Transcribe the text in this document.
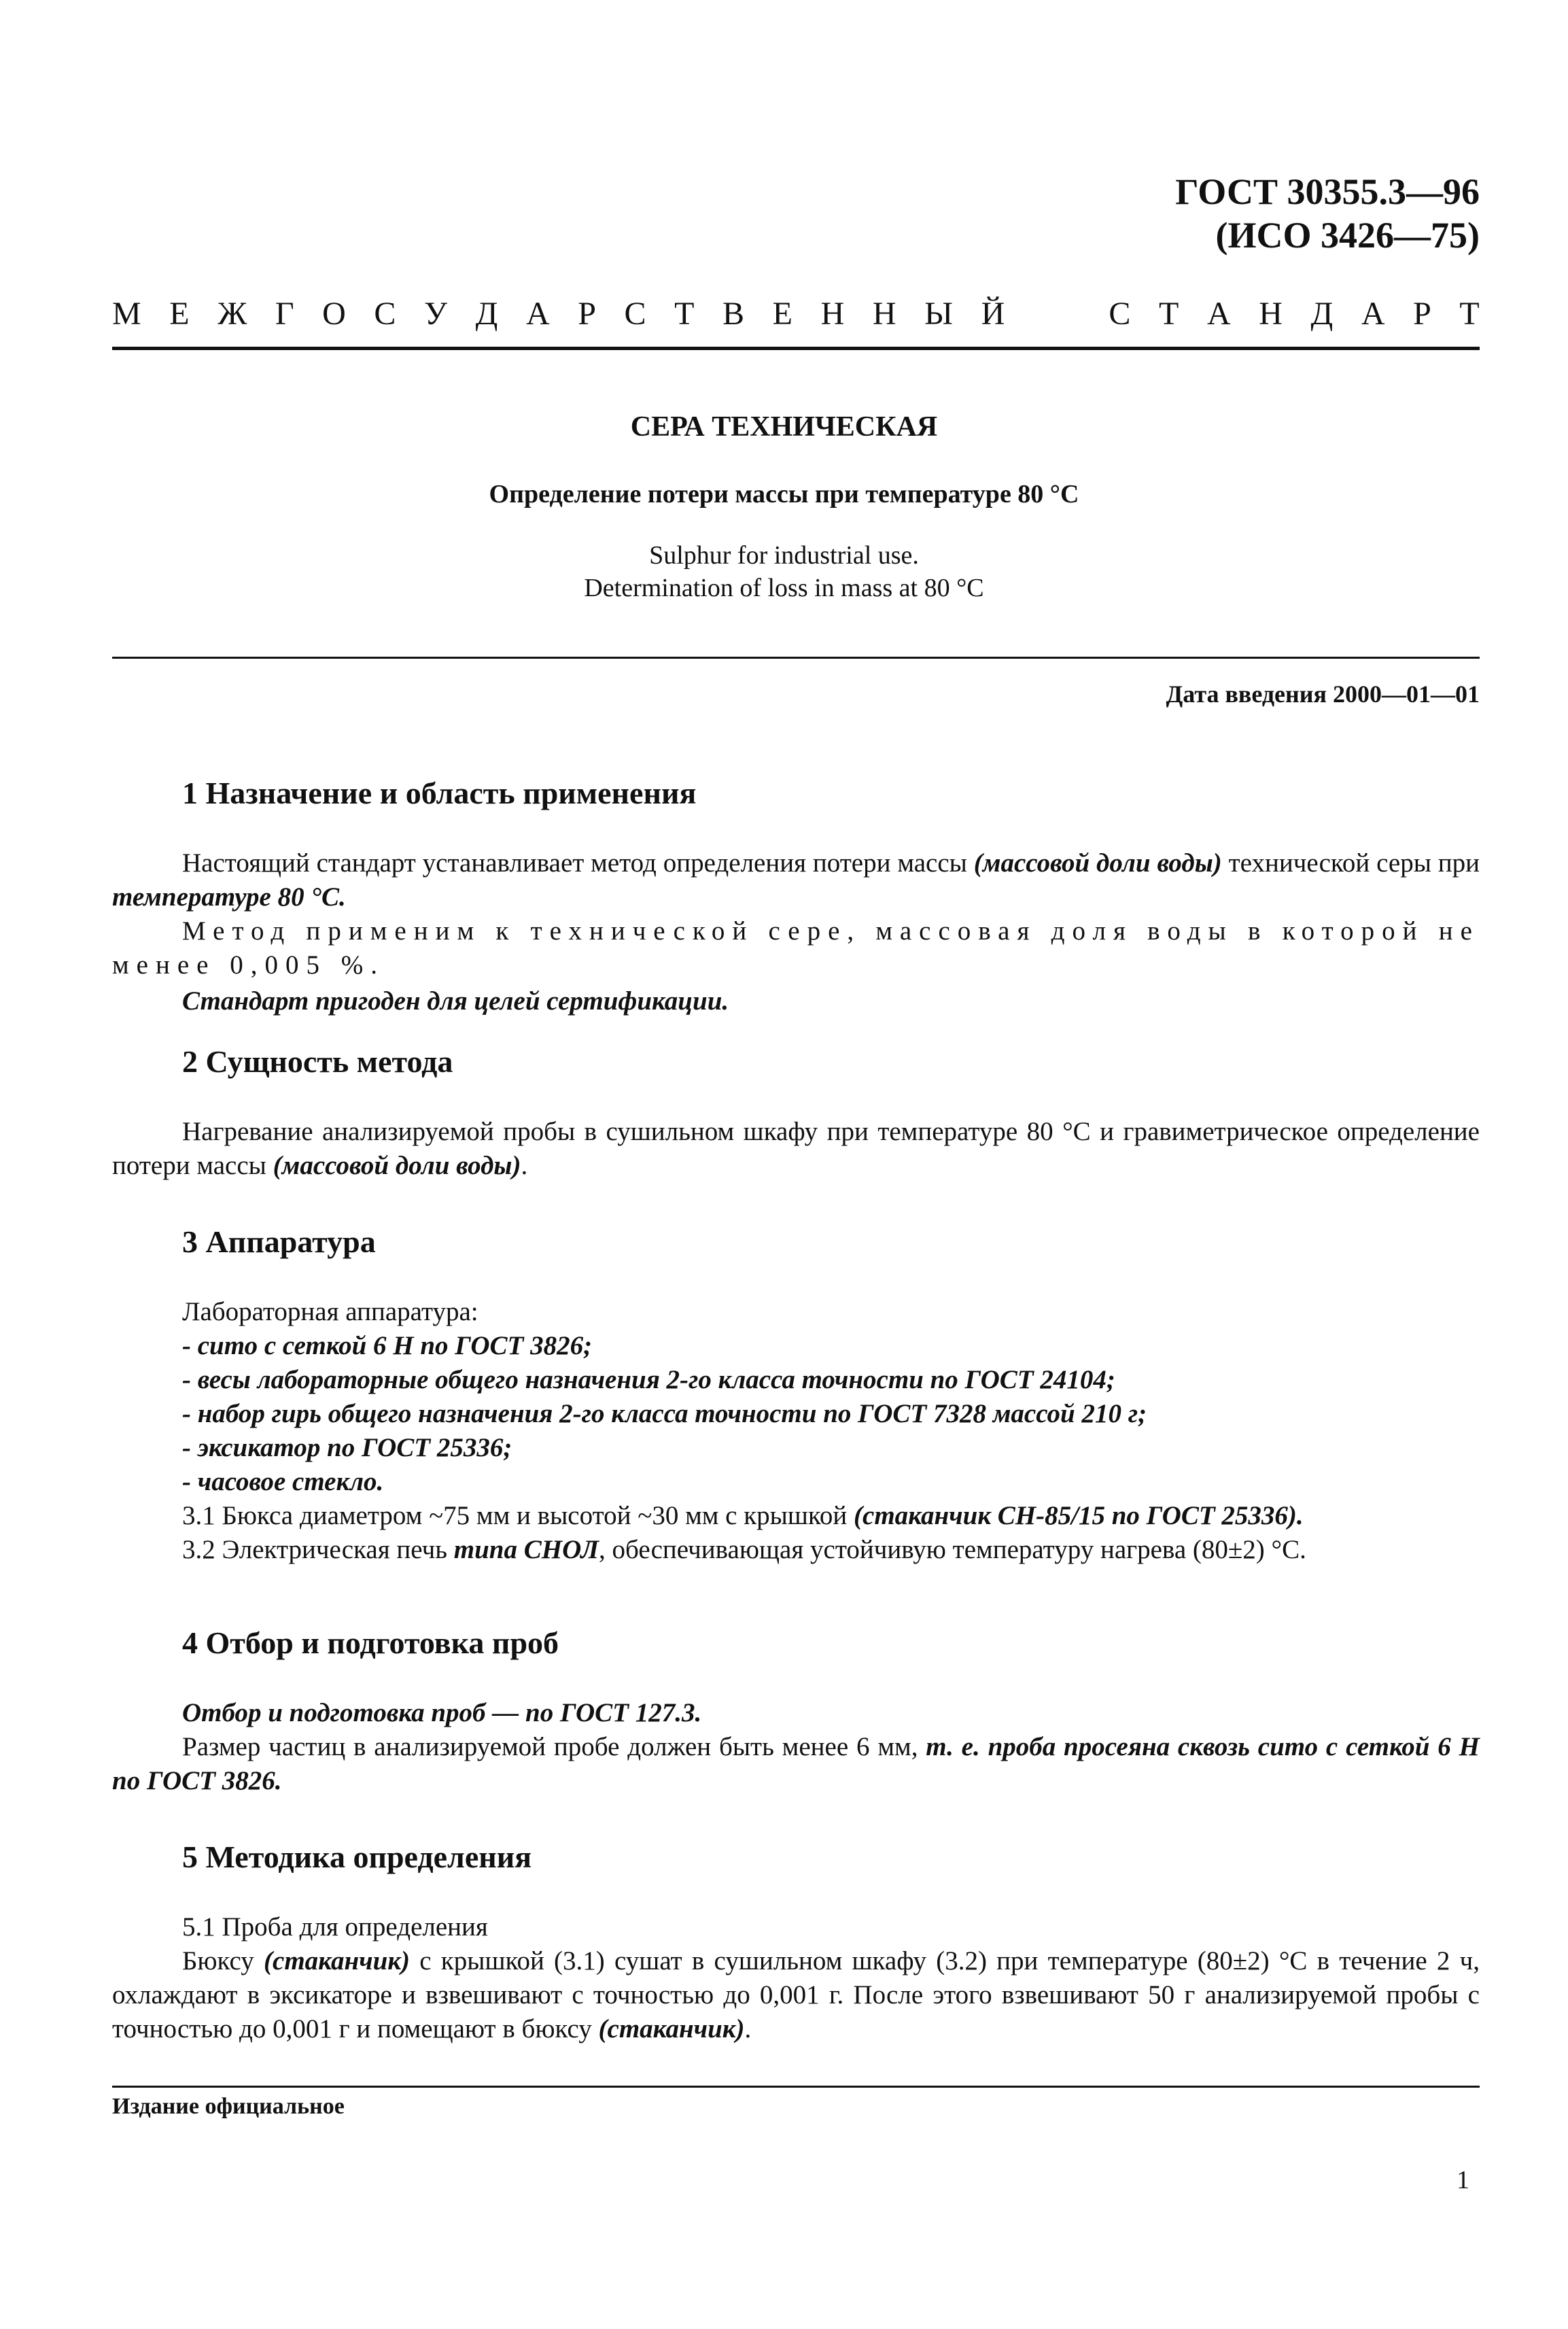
ГОСТ 30355.3—96
(ИСО 3426—75)
М Е Ж Г О С У Д А Р С Т В Е Н Н Ы Й	С Т А Н Д А Р Т
СЕРА ТЕХНИЧЕСКАЯ
Определение потери массы при температуре 80 °С
Sulphur for industrial use.
Determination of loss in mass at 80 °C
Дата введения 2000—01—01
1 Назначение и область применения
Настоящий стандарт устанавливает метод определения потери массы (массовой доли воды) технической серы при температуре 80 °С.
Метод применим к технической сере, массовая доля воды в которой не менее 0,005 %.
Стандарт пригоден для целей сертификации.
2 Сущность метода
Нагревание анализируемой пробы в сушильном шкафу при температуре 80 °С и гравиметрическое определение потери массы (массовой доли воды).
3 Аппаратура
Лабораторная аппаратура:
- сито с сеткой 6 Н по ГОСТ 3826;
- весы лабораторные общего назначения 2-го класса точности по ГОСТ 24104;
- набор гирь общего назначения 2-го класса точности по ГОСТ 7328 массой 210 г;
- эксикатор по ГОСТ 25336;
- часовое стекло.
3.1 Бюкса диаметром ~75 мм и высотой ~30 мм с крышкой (стаканчик СН-85/15 по ГОСТ 25336).
3.2 Электрическая печь типа СНОЛ, обеспечивающая устойчивую температуру нагрева (80±2) °С.
4 Отбор и подготовка проб
Отбор и подготовка проб — по ГОСТ 127.3.
Размер частиц в анализируемой пробе должен быть менее 6 мм, т. е. проба просеяна сквозь сито с сеткой 6 Н по ГОСТ 3826.
5 Методика определения
5.1 Проба для определения
Бюксу (стаканчик) с крышкой (3.1) сушат в сушильном шкафу (3.2) при температуре (80±2) °С в течение 2 ч, охлаждают в эксикаторе и взвешивают с точностью до 0,001 г. После этого взвешивают 50 г анализируемой пробы с точностью до 0,001 г и помещают в бюксу (стаканчик).
Издание официальное
1
